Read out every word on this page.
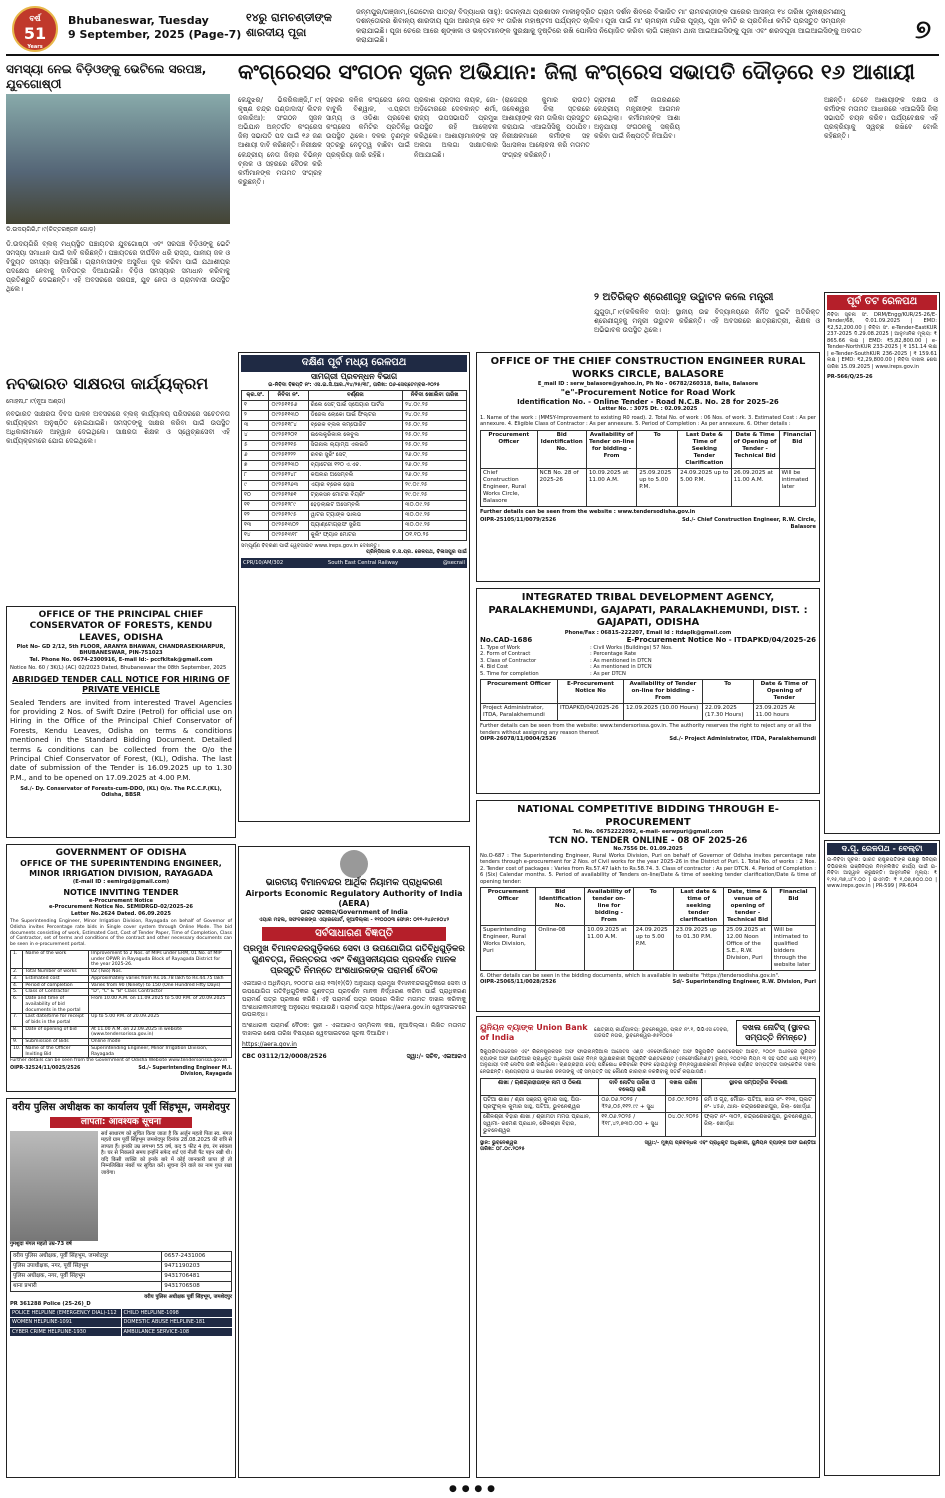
ବର୍ଷ
51
Years
Bhubaneswar, Tuesday
9 September, 2025 (Page-7)
୧୪ରୁ ରାମଚଣ୍ଡୀଙ୍କ
ଶାରଦୀୟ ପୂଜା
ଜନ୍ମପୁର/ଗଞ୍ଜାମ,(ଗେଟୋର ପାତ୍ର/ ବିଦ୍ୟାଧର ସାହୁ): ଜଗନ୍ନାଥ ପ୍ରଶାସନ ମାଳୀନୁଦ୍ରିତ ଗ୍ରାମ ଦର୍ଶନ ଶିବରେ ବିଭାଜିତ ମା' ରାମଚଣ୍ଡୀଙ୍କ ପାରେର ଆସନ୍ତା ୧୪ ତାରିଖ ମୁନୀଶ୍ରମଣୀମୁ ଦଶନ୍ତୋରର ଶିବାନ୍ୟ ଶାରଦୀୟ ପୂଜା ଆରମ୍ଭ ହେବ ୨୯ ତାରିଖ ମହାଷ୍ଟମୀ ପର୍ଯ୍ୟନ୍ତ ଚାଲିବ। ପୂଜା ପାଇଁ ମା' ଚାମଚାନୀ ମନ୍ଦିର ପୂଜ୍ୟ, ପୂଜା କମିଟି ର ପ୍ରତିନିଧୀ କମିଟି ପ୍ରସ୍ତୁତ ସମ୍ପନ୍ନ କରାଯାଇଛି। ପୂଜା ଚେରେ ଆରେ ଶୃଙ୍ଖଳା ଓ ଭକ୍ତମାନଙ୍କ ସୁରକ୍ଷାକୁ ଦୃଷ୍ଟିରେ ରଖି ପୋଲିସ ନିୟୋଜିତ କରିବା ଲାଗି ଗଞ୍ଜାମ ଥାନା ଆଇଆଇସିଙ୍କୁ ପୂଜା ଏବଂ ଶରଦପୂଜା ଆଇଆଇସିଙ୍କୁ ଅବଗତ କରାଯାଇଛି।	୭
ସମସ୍ୟା ନେଇ ବିଡ଼ିଓଙ୍କୁ ଭେଟିଲେ ସରପଞ୍ଚ, ଯୁବଗୋଷ୍ଠୀ
ଡି.ଉଦୟଗିରି,୮।୯(ଚିତ୍ତରଞ୍ଜନ ଗୋଡ଼)
ଡି.ଉଦୟଗିରି ବ୍ଲକ୍ ମଧ୍ୟସ୍ଥିତ ପଞ୍ଚାୟତର ଯୁବଗୋଷ୍ଠୀ ଏବଂ ସରପଞ୍ଚ ବିଡ଼ିଓଙ୍କୁ ଭେଟି ସମସ୍ୟା ସମାଧାନ ପାଇଁ ଦାବି କରିଛନ୍ତି। ପଞ୍ଚାୟତରେ ଦୀର୍ଘଦିନ ଧରି ରାସ୍ତା, ପାନୀୟ ଜଳ ଓ ବିଦ୍ୟୁତ ସମସ୍ୟା ରହିଆସିଛି। ଗ୍ରାମବାସୀଙ୍କ ଅସୁବିଧା ଦୂର କରିବା ପାଇଁ ଯଥାଶୀଘ୍ର ପଦକ୍ଷେପ ନେବାକୁ ଦାବିପତ୍ର ଦିଆଯାଇଛି। ବିଡ଼ିଓ ସମସ୍ୟାର ସମାଧାନ କରିବାକୁ ପ୍ରତିଶ୍ରୁତି ଦେଇଛନ୍ତି। ଏହି ଅବସରରେ ସରପଞ୍ଚ, ଯୁବ ନେତା ଓ ଗ୍ରାମବାସୀ ଉପସ୍ଥିତ ଥିଲେ।
ନବଭାରତ ସାକ୍ଷରତା କାର୍ଯ୍ୟକ୍ରମ
ମୋହନା,୮।୯(ନୂଆ ଅଣ୍ଡା)
ନବଭାରତ ସାକ୍ଷରତା ଦିବସ ପାଳନ ଅବସରରେ ବ୍ଲକ୍ କାର୍ଯ୍ୟାଳୟ ପରିସରରେ ସଚେତନତା କାର୍ଯ୍ୟକ୍ରମ ଅନୁଷ୍ଠିତ ହୋଇଯାଇଛି। ସମସ୍ତଙ୍କୁ ସାକ୍ଷର କରିବା ପାଇଁ ଉପସ୍ଥିତ ଅଧିକାରୀମାନେ ଆହ୍ୱାନ ଦେଇଥିଲେ। ସାକ୍ଷରତା ଶିକ୍ଷକ ଓ ସ୍ୱେଚ୍ଛାସେବୀ ଏହି କାର୍ଯ୍ୟକ୍ରମରେ ଯୋଗ ଦେଇଥିଲେ।
OFFICE OF THE PRINCIPAL CHIEF CONSERVATOR OF FORESTS, KENDU LEAVES, ODISHA
Plot No- GD 2/12, 5th FLOOR, ARANYA BHAWAN, CHANDRASEKHARPUR, BHUBANESWAR, PIN-751023
Tel. Phone No. 0674-2300916, E-mail Id:- pccfkltak@gmail.com
Notice No. 60 / 3K(L) (AC) 02/2023 Dated, Bhubaneswar the 08th September, 2025
ABRIDGED TENDER CALL NOTICE FOR HIRING OF PRIVATE VEHICLE
Sealed Tenders are invited from interested Travel Agencies for providing 2 Nos. of Swift Dzire (Petrol) for official use on Hiring in the Office of the Principal Chief Conservator of Forests, Kendu Leaves, Odisha on terms & conditions mentioned in the Standard Bidding Document. Detailed terms & conditions can be collected from the O/o the Principal Chief Conservator of Forest, (KL), Odisha. The last date of submission of the Tender is 16.09.2025 up to 1.30 P.M., and to be opened on 17.09.2025 at 4.00 P.M.
Sd./- Dy. Conservator of Forests-cum-DDO, (KL) O/o. The P.C.C.F.(KL), Odisha, BBSR
GOVERNMENT OF ODISHA
OFFICE OF THE SUPERINTENDING ENGINEER, MINOR IRRIGATION DIVISION, RAYAGADA
(E-mail ID : eemirgd@gmail.com)
NOTICE INVITING TENDER
e-Procurement Notice
e-Procurement Notice No. SEMIDRGD-02/2025-26
Letter No.2624 Dated. 06.09.2025
The Superintending Engineer, Minor Irrigation Division, Rayagada on behalf of Governor of Odisha invites Percentage rate bids in Single cover system through Online Mode. The bid documents consisting of work, Estimated Cost, Cost of Tender Paper, Time of Completion, Class of Contractor, set of terms and conditions of the contract and other necessary documents can be seen in e-procurement portal.
1.	Name of the work	Improvement to 2 Nos. of MIPs under ERM, 01 No. of MIP under OPWR in Rayaguda Block of Rayagada District for the year 2025-26.
2.	Total Number of works	02 (Two) Nos.
3.	Estimated cost	Approximately varies from Rs.16.78 lakh to Rs.44.75 lakh
4.	Period of completion	Varies from 90 (Ninety) to 150 (One Hundred Fifty Days)
5.	Class of Contractor	"D", "C" & "B" Class Contractor
6.	Date and time of availability of bid documents in the portal	From 10.00 A.M. on 11.09.2025 to 5.00 P.M. of 20.09.2025
7.	Last date/time for receipt of bids in the portal	Up to 5.00 P.M. of 20.09.2025
8.	Date of opening of bid	At 11.00 A.M. on 22.09.2025 in website (www.tendersorissa.gov.in)
9.	Submission of Bids	Online mode
10.	Name of the Officer Inviting Bid	Superintending Engineer, Minor Irrigation Division, Rayagada
Further details can be seen from the Government of Odisha Website www.tendersorissa.gov.in
OIPR-32524/11/0025/2526	Sd./- Superintending Engineer M.I. Division, Rayagada
वरीय पुलिस अधीक्षक का कार्यालय पूर्वी सिंहभूम, जमशेदपुर
लापता: आवश्यक सूचना
गुमशुदा मंगल महतो उम्र-73 वर्ष
सर्व साधारण को सूचित किया जाता है कि अर्जुन महतो पिता स्व. मंगल महतो ग्राम पूर्वी सिंहभूम जमशेदपुर दिनांक 28.08.2025 की रात्रि से लापता हैं। इनकी उम्र लगभग 55 वर्ष, कद 5 फीट 4 इंच, रंग सांवला है। घर से निकलते समय इन्होंने सफेद शर्ट एवं नीली पैंट पहन रखी थी। यदि किसी व्यक्ति को इनके बारे में कोई जानकारी प्राप्त हो तो निम्नलिखित नंबरों पर सूचित करें। सूचना देने वाले का नाम गुप्त रखा जायेगा।
वरीय पुलिस अधीक्षक, पूर्वी सिंहभूम, जमशेदपुर	0657-2431006
पुलिस उपाधीक्षक, नगर, पूर्वी सिंहभूम	9471190203
पुलिस अधीक्षक, नगर, पूर्वी सिंहभूम	9431706481
थाना प्रभारी	9431706508
वरीय पुलिस अधीक्षक पूर्वी सिंहभूम, जमशेदपुर
PR 361288 Police (25-26)_D
POLICE HELPLINE (EMERGENCY DIAL)-112	CHILD HELPLINE-1098
WOMEN HELPLINE-1091	DOMESTIC ABUSE HELPLINE-181
CYBER CRIME HELPLINE-1930	AMBULANCE SERVICE-108
କଂଗ୍ରେସର ସଂଗଠନ ସୃଜନ ଅଭିଯାନ: ଜିଲା କଂଗ୍ରେସ ସଭାପତି ଦୌଡ଼ରେ ୧୬ ଆଶାୟୀ
କେନ୍ଦୁଝର/ ଭିକରିକାଞ୍ଜି,୮।୯( କୃଷ୍ଣ ଚନ୍ଦ୍ର ପଣ୍ଡାଦାସ/ ଲିଟନ ଜକାରିଆ): ସଂଗଠନ ସୃଜନ ଅଭିଯାନ ଅନ୍ତର୍ଗତ କଂଗ୍ରେସ ଜିଲା ସଭାପତି ପଦ ପାଇଁ ୧୬ ଜଣ ଆଶାୟୀ ଦାବି କରିଛନ୍ତି। ନିରୀକ୍ଷକ କେନ୍ଦ୍ରୀୟ ନେତା ଜିଲାର ବିଭିନ୍ନ ବ୍ଲକ ଓ ସହରରେ ବୈଠକ କରି କର୍ମୀମାନଙ୍କ ମତାମତ ସଂଗ୍ରହ କରୁଛନ୍ତି।
ସହରର କଳିକ କଂଗ୍ରେସ ନେତା ବାବୁଲି ବିଶ୍ୱାଳ, ଏ.ପ୍ରତୀ ସାମ୍ୟ ଓ ଓଡ଼ିଶା ପ୍ରଦେଶ କଂଗ୍ରେସ କମିଟିର ପ୍ରତିନିଧି ଉପସ୍ଥିତ ଥିଲେ। ଦଳର ତୃଣମୂଳ ସ୍ତରରୁ ନେତୃତ୍ୱ ବାଛିବା ପାଇଁ ପ୍ରକ୍ରିୟା ଜାରି ରହିଛି।
ପ୍ରକାଶ ପ୍ରଦୀପ ନାୟକ, ଜୋ-ଅଡ଼ିଟୋରରେ ଦେବକାନ୍ତ ଶର୍ମା, ରାଜ୍ୟ ଉପସଭାପତି ପ୍ରମୁଖ ଉପସ୍ଥିତ ରହି ଆଲୋଚନା କରିଥିଲେ। ଆଶାୟୀମାନଙ୍କ ସହ ଅଲଗା ଅଲଗା ସାକ୍ଷାତକାର ନିଆଯାଇଛି।
(ରାଜେନ୍ଦ୍ର କୁମାର ରାଉତ) ଜଳେଶ୍ୱର ଜିଲା ସ୍ତରରେ ଆଶାୟୀଙ୍କ ନାମ ତାଲିକା ପ୍ରସ୍ତୁତ କରାଯାଇ ଏଆଇସିସିକୁ ପଠାଯିବ। ନିରୀକ୍ଷକମାନେ କର୍ମୀଙ୍କ ସହ ସିଧାସଳଖ ଆଲୋଚନା କରି ମତାମତ ସଂଗ୍ରହ କରିଛନ୍ତି।
ଗ୍ରାମୀଣ ଜର୍ଜି ଜାଗରଣରେ କେନ୍ଦ୍ରୀୟ ମନ୍ତ୍ରୀଙ୍କ ଆଗମନ ହୋଇଥିଲା। କର୍ମୀମାନଙ୍କ ଆଶା ଅନୁଯାୟୀ ସଂଗଠନକୁ ସକ୍ରିୟ କରିବା ପାଇଁ ନିଷ୍ପତ୍ତି ନିଆଯିବ।
୨ ଅତିରିକ୍ତ ଶ୍ରେଣୀଗୃହ ଉଦ୍ଘାଟନ କଲେ ମନ୍ତ୍ରୀ
ଯୁଗୁଡ଼ା,୮।୯(କଳିକଳିବ ଦାସ): ସ୍ଥାନୀୟ ଉଚ୍ଚ ବିଦ୍ୟାଳୟରେ ନିର୍ମିତ ଦୁଇଟି ଅତିରିକ୍ତ ଶ୍ରେଣୀଗୃହକୁ ମନ୍ତ୍ରୀ ଉଦ୍ଘାଟନ କରିଛନ୍ତି। ଏହି ଅବସରରେ ଛାତ୍ରଛାତ୍ରୀ, ଶିକ୍ଷକ ଓ ଅଭିଭାବକ ଉପସ୍ଥିତ ଥିଲେ।
ଅଛନ୍ତି। ତେବେ ଆଶାୟୀଙ୍କ ଦକ୍ଷତା ଓ କର୍ମୀଙ୍କ ମତାମତ ଆଧାରରେ ଏଆଇସିସି ଜିଲା ସଭାପତି ଚୟନ କରିବ। ପର୍ଯ୍ୟବେକ୍ଷକ ଏହି ପ୍ରକ୍ରିୟାକୁ ସ୍ୱଚ୍ଛ ରଖିବେ ବୋଲି କହିଛନ୍ତି।
ପୂର୍ବ ତଟ ରେଳପଥ
ନିବିଦା ସୂଚନା ସଂ. DRM/Engg/KUR/25-26/E-Tender/68, ଦି.01.09.2025 | EMD: ₹2,52,200.00 | ନିବିଦା ସଂ. e-Tender-EastKUR 237-2025 ଦି.29.08.2025 | ଆନୁମାନିକ ମୂଲ୍ୟ: ₹ 865.66 ଲକ୍ଷ | EMD: ₹5,82,800.00 | e-Tender-NorthKUR 233-2025 | ₹ 151.14 ଲକ୍ଷ | e-Tender-SouthKUR 236-2025 | ₹ 159.61 ଲକ୍ଷ | EMD: ₹2,29,800.00 | ନିବିଦା ଦାଖଲ ଶେଷ ତାରିଖ 15.09.2025 | www.ireps.gov.in
PR-566/Q/25-26
ଦ.ପୂ. ରେଳପଥ - ବେଲ୍ଟା
ଇ-ନିବିଦା ସୂଚନା: ଭାରତ ରାଷ୍ଟ୍ରପତିଙ୍କ ପକ୍ଷରୁ ସିନିୟର ଡିଭିଜନାଲ ଇଞ୍ଜିନିୟର ନିମ୍ନଲିଖିତ କାର୍ଯ୍ୟ ପାଇଁ ଇ-ନିବିଦା ଆହ୍ୱାନ କରୁଛନ୍ତି। ଆନୁମାନିକ ମୂଲ୍ୟ: ₹ ୧,୧୫,୩୭,୪୮୧.୦୦ | ଇଏମଡି: ₹ ୧,୦୭,୭୦୦.୦୦ | www.ireps.gov.in | PR-599 | PR-604
ଦକ୍ଷିଣ ପୂର୍ବ ମଧ୍ୟ ରେଳପଥ
ସାମଗ୍ରୀ ପ୍ରବନ୍ଧନ ବିଭାଗ
ଇ-ନିବିଦା ବିଜ୍ଞପ୍ତି ନଂ: ଏସ.ଇ.ସି.ଆର./୧୪/୨୫/୩୮, ତାରିଖ: ୦୬-ସେପ୍ଟେମ୍ବର-୨୦୨୫
କ୍ର.ସଂ.	ନିବିଦା ନଂ.	ବର୍ଣ୍ଣନା	ନିବିଦା ଖୋଲିବା ତାରିଖ
୧	୦୯୨୫୧୧୫୬	ରିଲେ ସେଟ୍ ପାଇଁ ସ୍ପେୟାର ପାର୍ଟସ	୨୪.୦୯.୨୫
୨	୦୯୨୫୧୧୩୦	ଡିଜେଲ ଲୋକୋ ପାଇଁ ଫିଲ୍ଟର	୨୪.୦୯.୨୫
୩	୦୯୨୫୧୧୮୪	ବ୍ରେକ ବ୍ଲକ କମ୍ପୋଜିଟ	୨୫.୦୯.୨୫
୪	୦୯୨୫୧୨୦୧	ଇଲେକ୍ଟ୍ରିକାଲ କେବୁଲ	୨୫.୦୯.୨୫
୫	୦୯୨୫୧୨୧୫	ସିଗନାଲ ଲ୍ୟାମ୍ପ ଏଲଇଡି	୨୫.୦୯.୨୫
୬	୦୯୨୫୧୨୨୨	ରବର ସ୍ପ୍ରିଂ ସେଟ୍	୨୬.୦୯.୨୫
୭	୦୯୨୫୧୨୩୦	ବ୍ୟାଟେରୀ ୧୨୦ ଏ.ଏଚ.	୨୬.୦୯.୨୫
୮	୦୯୨୫୧୨୪୮	କପଲର ଅସେମ୍ବଲି	୨୬.୦୯.୨୫
୯	୦୯୨୫୧୨୬୩	ଏୟାର ବ୍ରେକ ହୋସ	୨୯.୦୯.୨୫
୧୦	୦୯୨୫୧୨୭୧	ଟ୍ରାକସନ ମୋଟର ବିୟରିଂ	୨୯.୦୯.୨୫
୧୧	୦୯୨୫୧୨୮୯	ହେଡ଼ଲାଇଟ ଅସେମ୍ବଲି	୩୦.୦୯.୨୫
୧୨	୦୯୨୫୧୨୯୫	ୱାଟର ଟ୍ୟାଙ୍କ ଭାଲଭ	୩୦.୦୯.୨୫
୧୩	୦୯୨୫୧୩୦୨	ପ୍ୟାଣ୍ଟୋଗ୍ରାଫ ସ୍ଟ୍ରିପ	୩୦.୦୯.୨୫
୧୪	୦୯୨୫୧୩୧୮	କୁଲିଂ ଫ୍ୟାନ ମୋଟର	୦୧.୧୦.୨୫
ସମ୍ପୂର୍ଣ୍ଣ ବିବରଣୀ ପାଇଁ ୱେବସାଇଟ www.ireps.gov.in ଦେଖନ୍ତୁ।
ପ୍ରିନ୍ସିପାଲ ଚ.ସ.ପ୍ର. ରେଳପଥ, ବିଳାସପୁର ପାଇଁ
CPR/10/AM/302	South East Central Railway	@secrail
ଭାରତୀୟ ବିମାନବନ୍ଦର ଆର୍ଥିକ ନିୟାମକ ପ୍ରାଧିକରଣ
Airports Economic Regulatory Authority of India (AERA)
ଭାରତ ସରକାର/Government of India
ଏୟାର ମହଲ, ସଫଦରଜଙ୍ଗ ଏୟାରପୋର୍ଟ, ନୂଆଦିଲ୍ଲୀ - ୧୧୦୦୦୩ ଫୋନ: ୦୧୧-୨୪୬୯୫୦୪୨
ସର୍ବସାଧାରଣ ବିଜ୍ଞପ୍ତି
ପ୍ରମୁଖ ବିମାନବନ୍ଦରଗୁଡ଼ିକରେ ସେବା ଓ ଉପଯୋଗିତା ଗତିବିଧିଗୁଡ଼ିକର ଗୁଣବତ୍ତା, ନିରନ୍ତରତା ଏବଂ ବିଶ୍ୱସନୀୟତାର ପ୍ରଦର୍ଶନ ମାନକ ପ୍ରସ୍ତୁତି ନିମନ୍ତେ ଅଂଶଧାରକଙ୍କ ପରାମର୍ଶ ବୈଠକ
ଏଇଆରଏ ଅଧିନିୟମ, ୨୦୦୮ର ଧାରା ୧୩(୧)(ଡି) ଅନୁଯାୟୀ ପ୍ରମୁଖ ବିମାନବନ୍ଦରଗୁଡ଼ିକରେ ସେବା ଓ ଉପଯୋଗିତା ଗତିବିଧିଗୁଡ଼ିକର ଗୁଣବତ୍ତା ପ୍ରଦର୍ଶନ ମାନକ ନିର୍ଦ୍ଧାରଣ କରିବା ପାଇଁ ପ୍ରାଧିକରଣ ପରାମର୍ଶ ପତ୍ର ପ୍ରକାଶ କରିଛି। ଏହି ପରାମର୍ଶ ପତ୍ର ଉପରେ ଲିଖିତ ମତାମତ ଦାଖଲ କରିବାକୁ ଅଂଶଧାରକମାନଙ୍କୁ ଅନୁରୋଧ କରାଯାଉଛି। ପରାମର୍ଶ ପତ୍ର https://aera.gov.in ୱେବସାଇଟରେ ଉପଲବ୍ଧ।
ଅଂଶଧାରକ ପରାମର୍ଶ ବୈଠକ: ସ୍ଥାନ - ଏଇଆରଏ ସମ୍ମିଳନୀ କକ୍ଷ, ନୂଆଦିଲ୍ଲୀ। ଲିଖିତ ମତାମତ ଦାଖଲର ଶେଷ ତାରିଖ ବିଷୟରେ ୱେବସାଇଟରେ ସୂଚନା ଦିଆଯିବ।
https://aera.gov.in
CBC 03112/12/0008/2526	ସ୍ୱା:/- ସଚିବ, ଏଇଆରଏ
OFFICE OF THE CHIEF CONSTRUCTION ENGINEER RURAL WORKS CIRCLE, BALASORE
E_mail ID : serw_balasore@yahoo.in, Ph No - 06782/260318, Balia, Balasore
"e"-Procurement Notice for Road Work
Identification No. - Online Tender - Road N.C.B. No. 28 for 2025-26
Letter No. : 3075 Dt. : 02.09.2025
1. Name of the work : (MMSY-Improvement to existing R0 road). 2. Total No. of work : 06 Nos. of work. 3. Estimated Cost : As per annexure. 4. Eligible Class of Contractor : As per annexure. 5. Period of Completion : As per annexure. 6. Other details :
Procurement Officer	Bid Identification No.	Availability of Tender on-line for bidding - From	To	Last Date & Time of Seeking Tender Clarification	Date & Time of Opening of Tender - Technical Bid	Financial Bid
Chief Construction Engineer, Rural Works Circle, Balasore	NCB No. 28 of 2025-26	10.09.2025 at 11.00 A.M.	25.09.2025 up to 5.00 P.M.	24.09.2025 up to 5.00 P.M.	26.09.2025 at 11.00 A.M.	Will be intimated later
Further details can be seen from the website : www.tendersodisha.gov.in
OIPR-25105/11/0079/2526	Sd./- Chief Construction Engineer, R.W. Circle, Balasore
INTEGRATED TRIBAL DEVELOPMENT AGENCY, PARALAKHEMUNDI, GAJAPATI, PARALAKHEMUNDI, DIST. : GAJAPATI, ODISHA
Phone/Fax : 06815-222207, Email Id : itdaplk@gmail.com
No.CAD-1686	E-Procurement Notice No - ITDAPKD/04/2025-26
1. Type of Work	: Civil Works (Buildings) 57 Nos.
2. Form of Contract	: Percentage Rate
3. Class of Contractor	: As mentioned in DTCN
4. Bid Cost	: As mentioned in DTCN
5. Time for completion	: As per DTCN
Procurement Officer	E-Procurement Notice No	Availability of Tender on-line for bidding - From	To	Date & Time of Opening of Tender
Project Administrator, ITDA, Paralakhemundi	ITDAPKD/04/2025-26	12.09.2025 (10.00 Hours)	22.09.2025 (17.30 Hours)	23.09.2025 At 11.00 hours
Further details can be seen from the website: www.tendersorissa.gov.in. The authority reserves the right to reject any or all the tenders without assigning any reason thereof.
OIPR-26078/11/0004/2526	Sd./- Project Administrator, ITDA, Paralakhemundi
NATIONAL COMPETITIVE BIDDING THROUGH E-PROCUREMENT
Tel. No. 06752222092, e-mail- eerwpuri@gmail.com
TCN NO. TENDER ONLINE - 08 OF 2025-26
No.7556 Dt. 01.09.2025
No.O-687 : The Superintending Engineer, Rural Works Division, Puri on behalf of Governor of Odisha invites percentage rate tenders through e-procurement for 2 Nos. of Civil works for the year 2025-26 in the District of Puri. 1. Total No. of works : 2 Nos. 2. Tender cost of packages : Varies from Rs.57.47 lakh to Rs.58.74. 3. Class of contractor : As per DTCN. 4. Period of Completion : 6 (Six) Calendar months. 5. Period of availability of Tenders on-line/Date & time of seeking tender clarification/Date & time of opening tender:
Procurement Officer	Bid Identification No.	Availability of tender on-line for bidding - From	To	Last date & time of seeking tender clarification	Date, time & venue of opening of tender - Technical Bid	Financial Bid
Superintending Engineer, Rural Works Division, Puri	Online-08	10.09.2025 at 11.00 A.M.	24.09.2025 up to 5.00 P.M.	23.09.2025 up to 01.30 P.M.	25.09.2025 at 12.00 Noon Office of the S.E., R.W. Division, Puri	Will be intimated to qualified bidders through the website later
6. Other details can be seen in the bidding documents, which is available in website "https://tendersodisha.gov.in".
OIPR-25065/11/0028/2526	Sd/- Superintending Engineer, R.W. Division, Puri
ୟୁନିୟନ ବ୍ୟାଙ୍କ Union Bank of India
କ୍ଷେତ୍ରୀୟ କାର୍ଯ୍ୟାଳୟ: ଭୁବନେଶ୍ୱର, ପ୍ଲଟ ନଂ.୧, ଭିଭିଏସ ଦେବର, ଗଜପତି ନଗର, ଭୁବନେଶ୍ୱର-୭୫୧୦୦୫
ଦଖଲ ନୋଟିସ୍ (ସ୍ଥାବର ସମ୍ପତ୍ତି ନିମନ୍ତେ)
ସିକ୍ୟୁରିଟାଇଜେସନ ଏବଂ ରିକନଷ୍ଟ୍ରକସନ ଅଫ ଫାଇନାନ୍ସିଆଲ ଆସେଟସ ଏଣ୍ଡ ଏନଫୋର୍ସମେଣ୍ଟ ଅଫ ସିକ୍ୟୁରିଟି ଇଣ୍ଟରେଷ୍ଟ ଆକ୍ଟ, ୨୦୦୨ ଅଧୀନରେ ୟୁନିୟନ ବ୍ୟାଙ୍କ ଅଫ ଇଣ୍ଡିଆର ପ୍ରାଧିକୃତ ଅଧିକାରୀ ଭାବେ ନିମ୍ନ ସ୍ୱାକ୍ଷରକାରୀ ସିକ୍ୟୁରିଟି ଇଣ୍ଟରେଷ୍ଟ (ଏନଫୋର୍ସମେଣ୍ଟ) ରୁଲସ, ୨୦୦୨ର ନିୟମ ୩ ସହ ପଠିତ ଧାରା ୧୩(୧୨) ଅନୁଯାୟୀ ଦାବି ନୋଟିସ ଜାରି କରିଥିଲେ। ଋଣଗ୍ରହୀତା ଦେୟ ପରିଶୋଧ କରିବାରେ ବିଫଳ ହୋଇଥିବାରୁ ନିମ୍ନସ୍ୱାକ୍ଷରକାରୀ ନିମ୍ନରେ ବର୍ଣ୍ଣିତ ସମ୍ପତ୍ତିର ସାଙ୍କେତିକ ଦଖଲ ନେଇଛନ୍ତି। ଋଣଗ୍ରହୀତା ଓ ସାଧାରଣ ଜନତାଙ୍କୁ ଏହି ସମ୍ପତ୍ତି ସହ କୌଣସି କାରବାର ନକରିବାକୁ ସତର୍କ କରାଯାଉଛି।
ଶାଖା / ଋଣଗ୍ରହୀତାଙ୍କ ନାମ ଓ ଠିକଣା	ଦାବି ନୋଟିସ ତାରିଖ ଓ ବକେୟା ରାଶି	ଦଖଲ ତାରିଖ	ସ୍ଥାବର ସମ୍ପତ୍ତିର ବିବରଣୀ
ପଟିଆ ଶାଖା / ଶ୍ରୀ ସଞ୍ଜୟ କୁମାର ସାହୁ, ପିତା- ପ୍ରଫୁଲ୍ଲ କୁମାର ସାହୁ, ପଟିଆ, ଭୁବନେଶ୍ୱର	୦୬.୦୬.୨୦୨୫ / ₹୨୬,୦୫,୧୧୨.୯୯ + ସୁଧ	୦୫.୦୯.୨୦୨୫	ଜମି ଓ ଗୃହ, ମୌଜା- ପଟିଆ, ଖାତା ନଂ- ୧୨୩, ପ୍ଲଟ ନଂ- ୪୫୬, ଥାନା- ଚନ୍ଦ୍ରଶେଖରପୁର, ଜିଲା- ଖୋର୍ଦ୍ଧା
ଶୈଳଶ୍ରୀ ବିହାର ଶାଖା / ଶ୍ରୀମତୀ ମମତା ପ୍ରଧାନ, ସ୍ୱାମୀ- ରମେଶ ପ୍ରଧାନ, ଶୈଳଶ୍ରୀ ବିହାର, ଭୁବନେଶ୍ୱର	୧୧.୦୬.୨୦୨୫ / ₹୧୮,୪୨,୭୩୦.୦୦ + ସୁଧ	୦୪.୦୯.୨୦୨୫	ଫ୍ଲାଟ ନଂ- ୩୦୨, ଚନ୍ଦ୍ରଶେଖରପୁର, ଭୁବନେଶ୍ୱର, ଜିଲା- ଖୋର୍ଦ୍ଧା
ସ୍ଥାନ: ଭୁବନେଶ୍ୱର
ତାରିଖ: ୦୮.୦୯.୨୦୨୫
ସ୍ୱା:/- ମୁଖ୍ୟ ପ୍ରବନ୍ଧକ ଏବଂ ପ୍ରାଧିକୃତ ଅଧିକାରୀ, ୟୁନିୟନ ବ୍ୟାଙ୍କ ଅଫ ଇଣ୍ଡିଆ
● ● ● ●
